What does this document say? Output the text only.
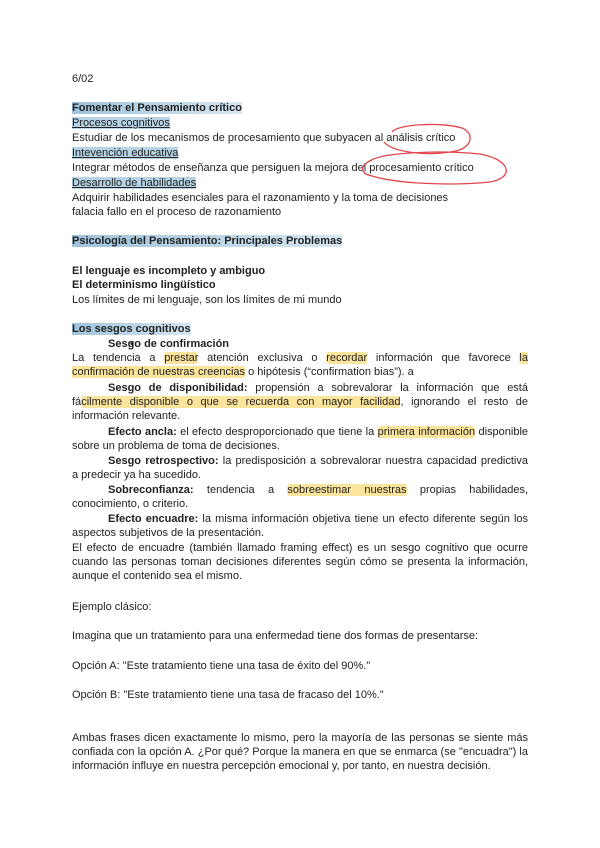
6/02
Fomentar el Pensamiento crítico
Procesos cognitivos
Estudiar de los mecanismos de procesamiento que subyacen al análisis crítico
Intevención educativa
Integrar métodos de enseñanza que persiguen la mejora del procesamiento crítico
Desarrollo de habilidades
Adquirir habilidades esenciales para el razonamiento y la toma de decisiones
falacia fallo en el proceso de razonamiento
Psicología del Pensamiento: Principales Problemas
El lenguaje es incompleto y ambiguo
El determinismo lingüístico
Los límites de mi lenguaje, son los límites de mi mundo
Los sesgos cognitivos
• Sesgo de confirmación
La tendencia a prestar atención exclusiva o recordar información que favorece la confirmación de nuestras creencias o hipótesis (“confirmation bias”). a
Sesgo de disponibilidad: propensión a sobrevalorar la información que está fácilmente disponible o que se recuerda con mayor facilidad, ignorando el resto de información relevante.
Efecto ancla: el efecto desproporcionado que tiene la primera información disponible sobre un problema de toma de decisiones.
Sesgo retrospectivo: la predisposición a sobrevalorar nuestra capacidad predictiva a predecir ya ha sucedido.
Sobreconfianza: tendencia a sobreestimar nuestras propias habilidades, conocimiento, o criterio.
Efecto encuadre: la misma información objetiva tiene un efecto diferente según los aspectos subjetivos de la presentación.
El efecto de encuadre (también llamado framing effect) es un sesgo cognitivo que ocurre cuando las personas toman decisiones diferentes según cómo se presenta la información, aunque el contenido sea el mismo.
Ejemplo clásico:
Imagina que un tratamiento para una enfermedad tiene dos formas de presentarse:
Opción A: "Este tratamiento tiene una tasa de éxito del 90%."
Opción B: "Este tratamiento tiene una tasa de fracaso del 10%."
Ambas frases dicen exactamente lo mismo, pero la mayoría de las personas se siente más confiada con la opción A. ¿Por qué? Porque la manera en que se enmarca (se "encuadra") la información influye en nuestra percepción emocional y, por tanto, en nuestra decisión.
